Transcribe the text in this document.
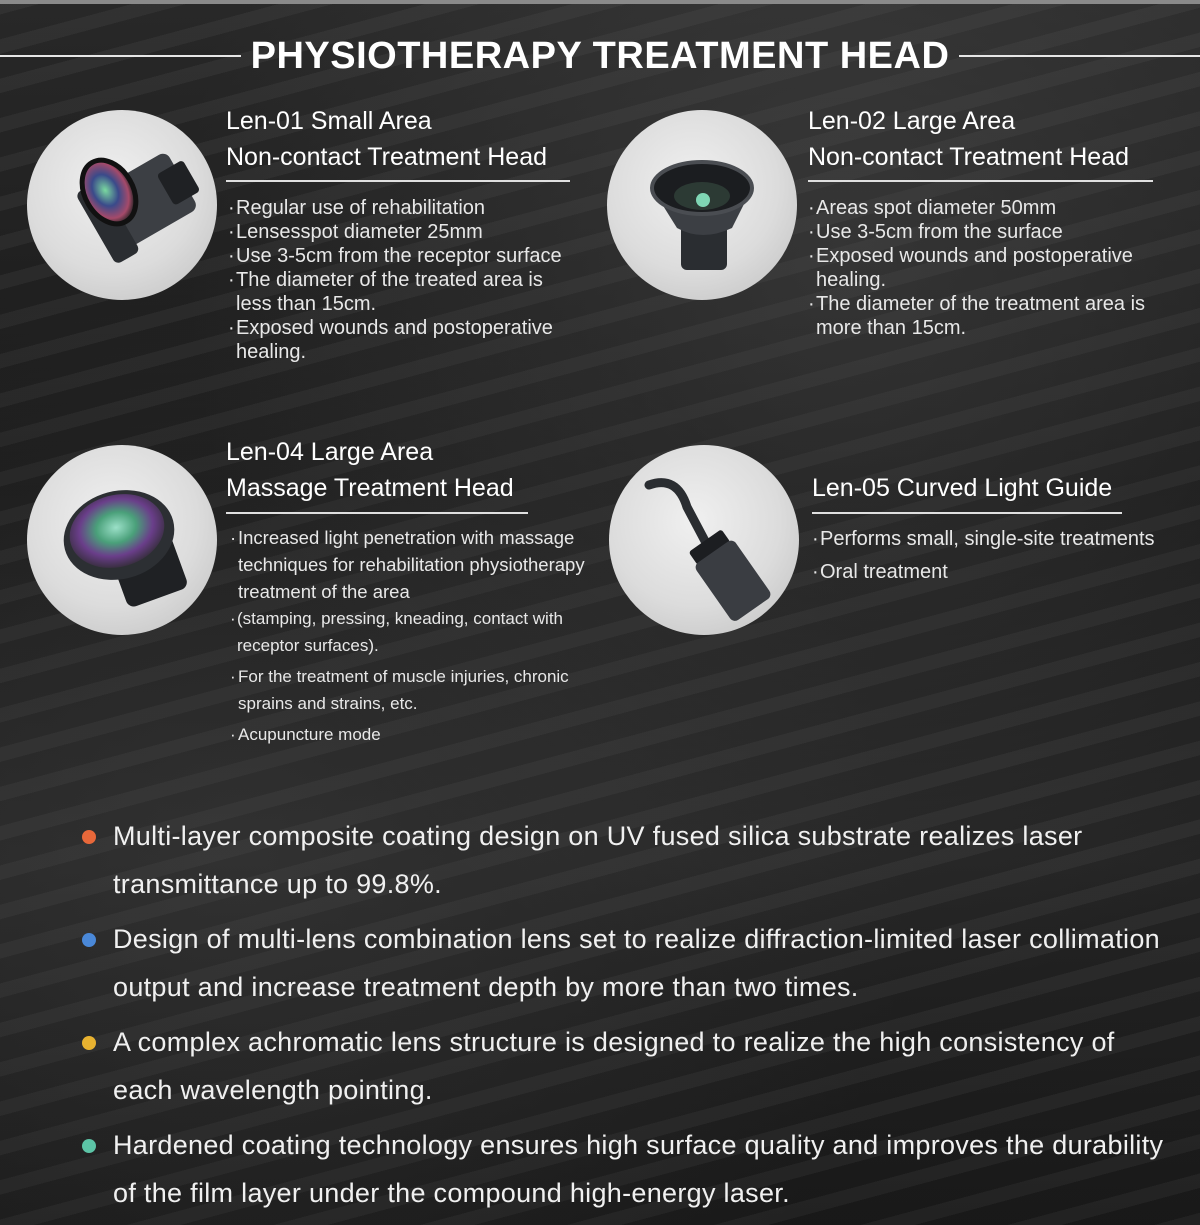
PHYSIOTHERAPY TREATMENT HEAD
Len-01 Small Area
Non-contact Treatment Head
· Regular use of rehabilitation
· Lensesspot diameter 25mm
· Use 3-5cm from the receptor surface
· The diameter of the treated area is less than 15cm.
· Exposed wounds and postoperative healing.
Len-02 Large Area
Non-contact Treatment Head
· Areas spot diameter 50mm
· Use 3-5cm from the surface
· Exposed wounds and postoperative healing.
· The diameter of the treatment area is more than 15cm.
Len-04 Large Area
Massage Treatment Head
· Increased light penetration with massage techniques for rehabilitation physiotherapy treatment of the area
· (stamping, pressing, kneading, contact with receptor surfaces).
· For the treatment of muscle injuries, chronic sprains and strains, etc.
· Acupuncture mode
Len-05 Curved Light Guide
· Performs small, single-site treatments
· Oral treatment
Multi-layer composite coating design on UV fused silica substrate realizes laser transmittance up to 99.8%.
Design of multi-lens combination lens set to realize diffraction-limited laser collimation output and increase treatment depth by more than two times.
A complex achromatic lens structure is designed to realize the high consistency of each wavelength pointing.
Hardened coating technology ensures high surface quality and improves the durability of the film layer under the compound high-energy laser.
